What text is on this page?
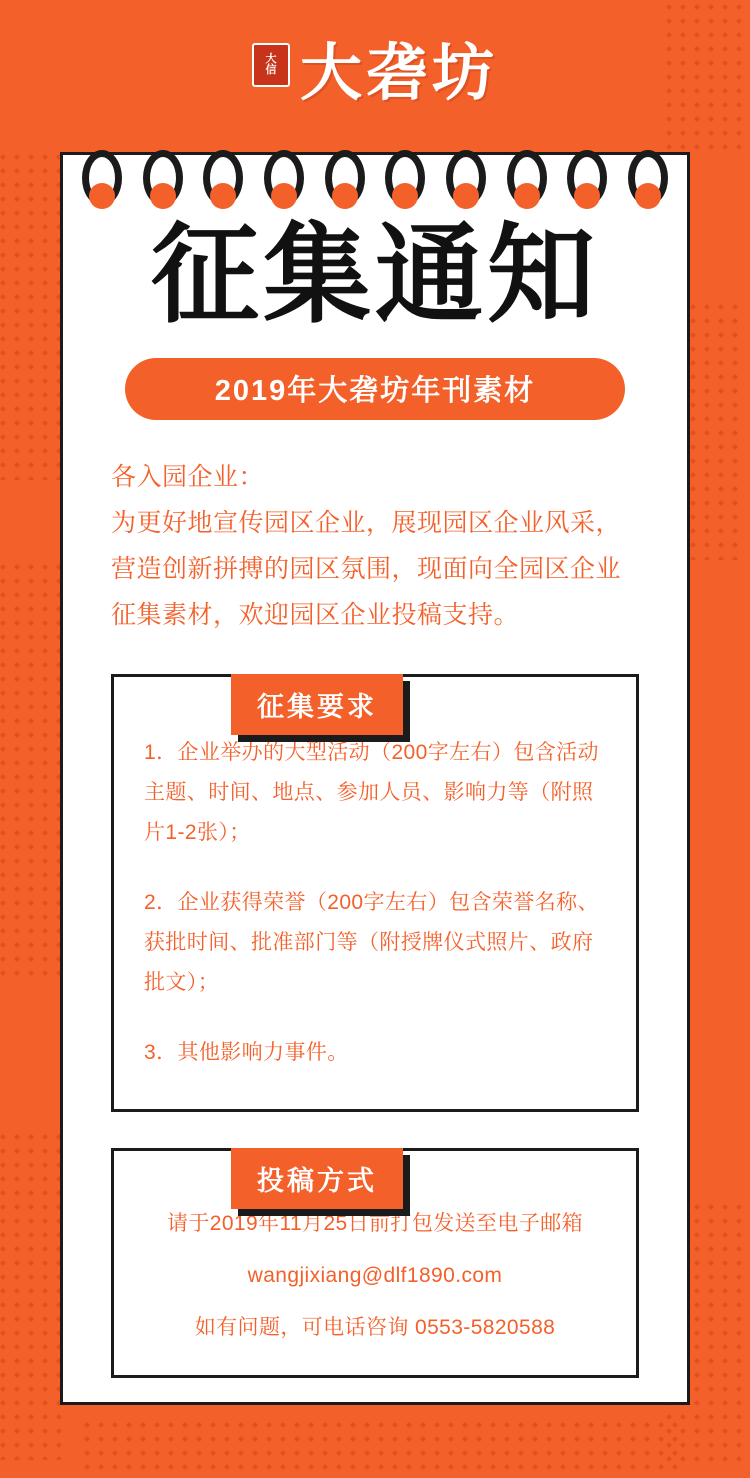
大
信 大砻坊
征集通知
2019年大砻坊年刊素材

各入园企业：

为更好地宣传园区企业，展现园区企业风采，营造创新拼搏的园区氛围，现面向全园区企业征集素材，欢迎园区企业投稿支持。

征集要求

1．企业举办的大型活动（200字左右）包含活动主题、时间、地点、参加人员、影响力等（附照片1-2张）；

2．企业获得荣誉（200字左右）包含荣誉名称、获批时间、批准部门等（附授牌仪式照片、政府批文）；

3．其他影响力事件。

投稿方式

请于2019年11月25日前打包发送至电子邮箱

wangjixiang@dlf1890.com

如有问题，可电话咨询 0553-5820588
